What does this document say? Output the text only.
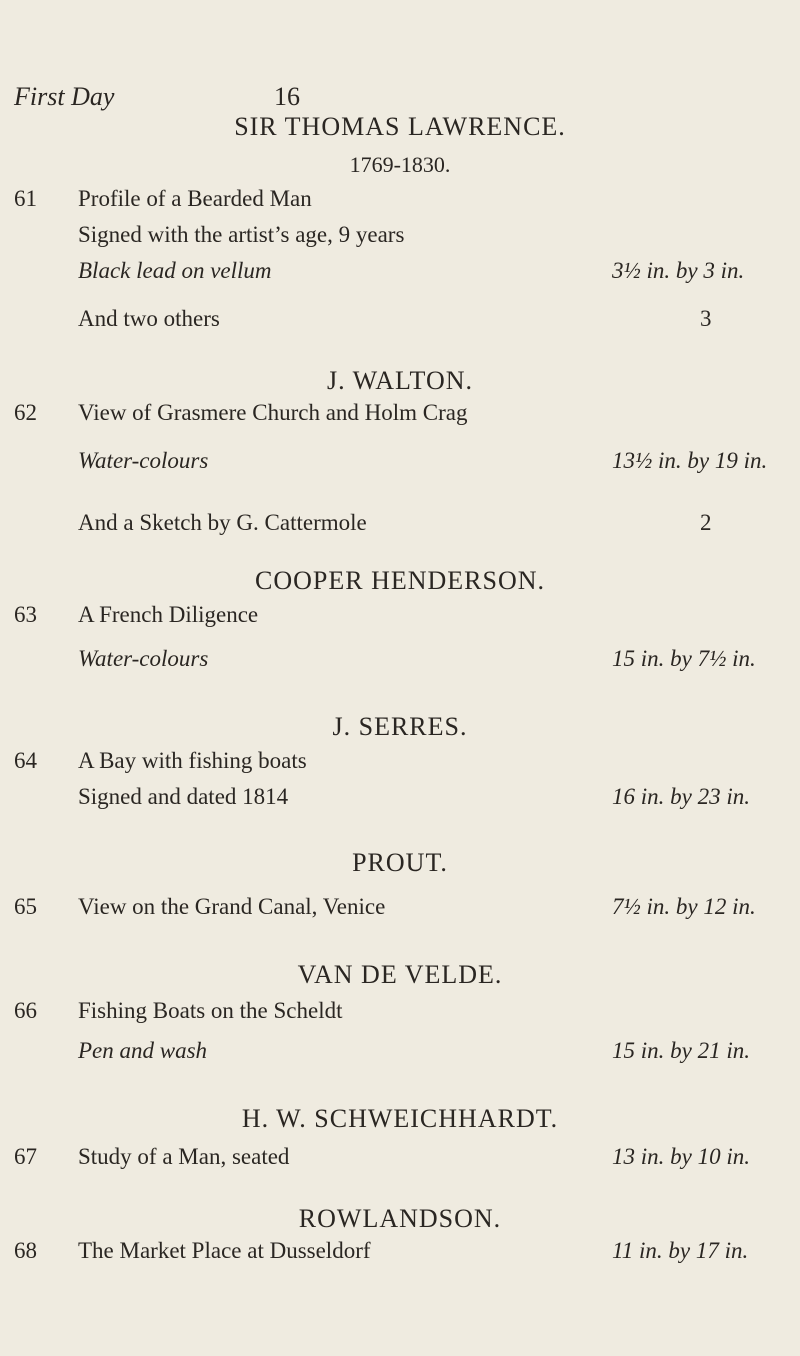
First Day	16
SIR THOMAS LAWRENCE.
1769-1830.
61 Profile of a Bearded Man
Signed with the artist’s age, 9 years
Black lead on vellum	3½ in. by 3 in.
And two others	3
J. WALTON.
62 View of Grasmere Church and Holm Crag
Water-colours	13½ in. by 19 in.
And a Sketch by G. Cattermole	2
COOPER HENDERSON.
63 A French Diligence
Water-colours	15 in. by 7½ in.
J. SERRES.
64 A Bay with fishing boats
Signed and dated 1814	16 in. by 23 in.
PROUT.
65 View on the Grand Canal, Venice	7½ in. by 12 in.
VAN DE VELDE.
66 Fishing Boats on the Scheldt
Pen and wash	15 in. by 21 in.
H. W. SCHWEICHHARDT.
67 Study of a Man, seated	13 in. by 10 in.
ROWLANDSON.
68 The Market Place at Dusseldorf	11 in. by 17 in.
